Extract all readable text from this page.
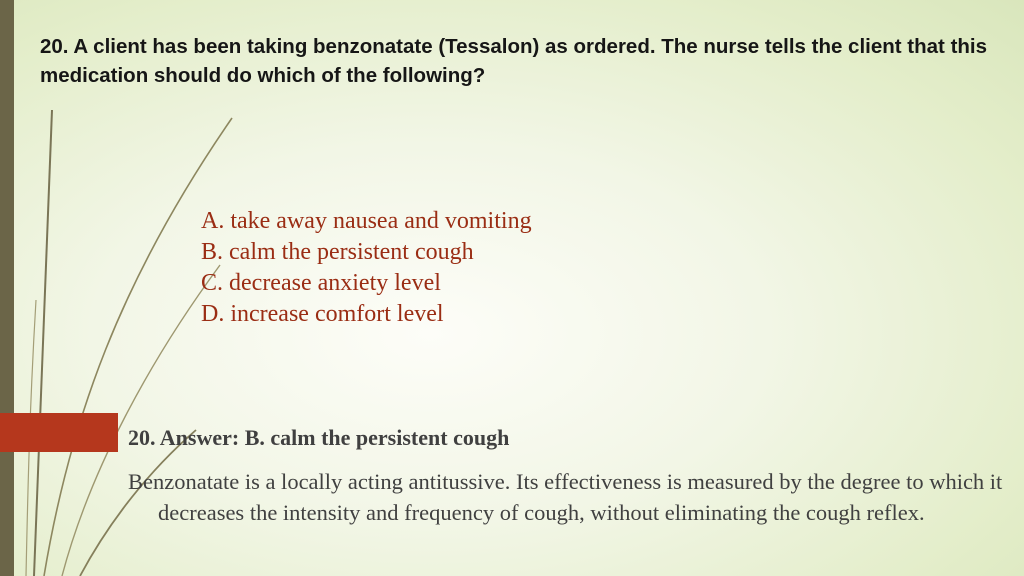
20. A client has been taking benzonatate (Tessalon) as ordered. The nurse tells the client that this medication should do which of the following?

A. take away nausea and vomiting
B. calm the persistent cough
C. decrease anxiety level
D. increase comfort level

20. Answer: B. calm the persistent cough

Benzonatate is a locally acting antitussive. Its effectiveness is measured by the degree to which it decreases the intensity and frequency of cough, without eliminating the cough reflex.
